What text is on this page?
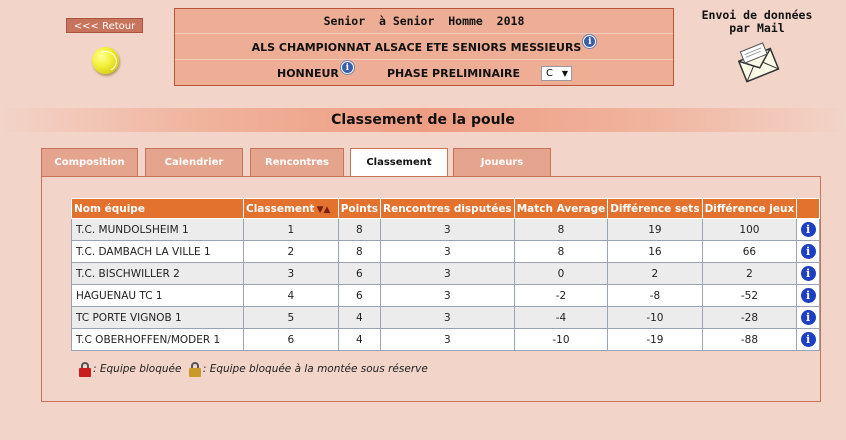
<<< Retour	Senior  à Senior  Homme  2018
ALS CHAMPIONNAT ALSACE ETE SENIORS MESSIEURS i
HONNEUR i	PHASE PRELIMINAIRE	C ▼
Envoi de données par Mail
Classement de la poule
Composition	Calendrier	Rencontres	Classement	Joueurs
Nom équipe	Classement ▼▲	Points	Rencontres disputées	Match Average	Différence sets	Différence jeux	
T.C. MUNDOLSHEIM 1	1	8	3	8	19	100	i
T.C. DAMBACH LA VILLE 1	2	8	3	8	16	66	i
T.C. BISCHWILLER 2	3	6	3	0	2	2	i
HAGUENAU TC 1	4	6	3	-2	-8	-52	i
TC PORTE VIGNOB 1	5	4	3	-4	-10	-28	i
T.C OBERHOFFEN/MODER 1	6	4	3	-10	-19	-88	i
: Equipe bloquée : Equipe bloquée à la montée sous réserve
